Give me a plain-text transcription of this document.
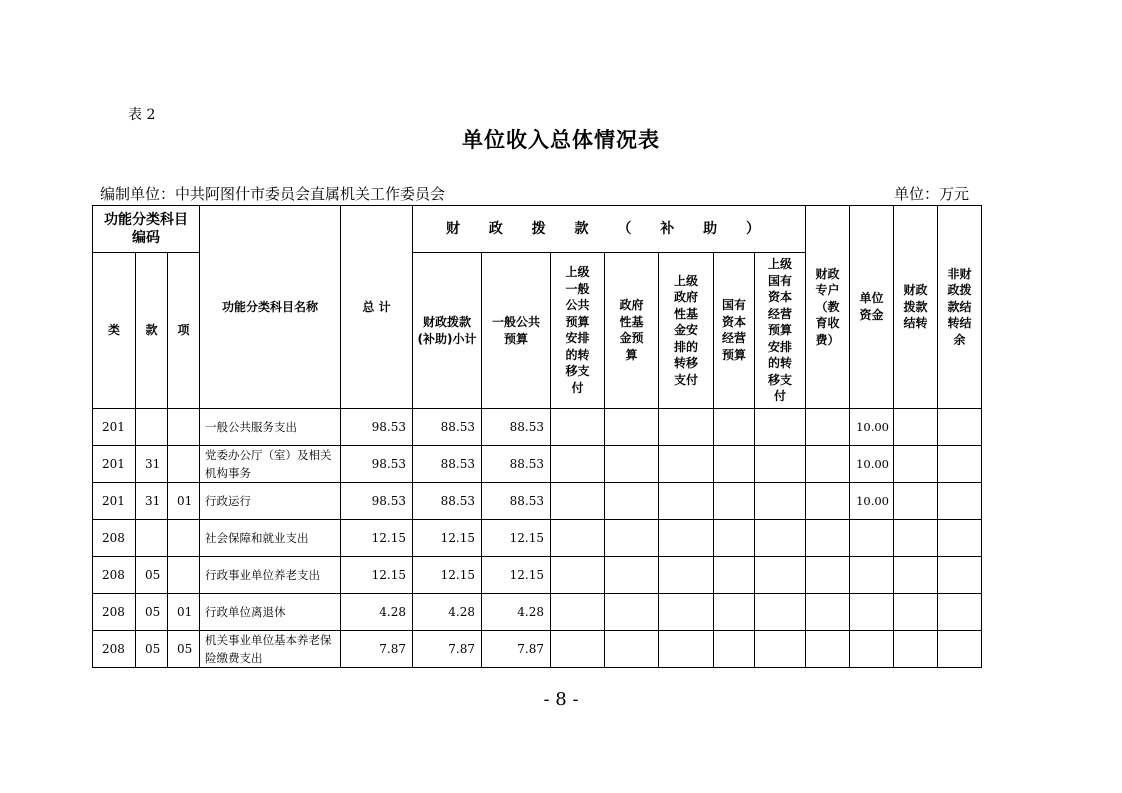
表 2
单位收入总体情况表
编制单位：中共阿图什市委员会直属机关工作委员会	单位：万元
功能分类科目编码			功能分类科目名称	总 计	财 政 拨 款 （ 补 助 ）							财政专户（教育收费）	单位资金	财政拨款结转	非财政拨款结转结余
类	款	项			财政拨款(补助)小计	一般公共预算	上级一般公共预算安排的转移支付	政府性基金预算	上级政府性基金安排的转移支付	国有资本经营预算	上级国有资本经营预算安排的转移支付				
201			一般公共服务支出	98.53	88.53	88.53							10.00		
201	31		党委办公厅（室）及相关机构事务	98.53	88.53	88.53							10.00		
201	31	01	行政运行	98.53	88.53	88.53							10.00		
208			社会保障和就业支出	12.15	12.15	12.15									
208	05		行政事业单位养老支出	12.15	12.15	12.15									
208	05	01	行政单位离退休	4.28	4.28	4.28									
208	05	05	机关事业单位基本养老保险缴费支出	7.87	7.87	7.87									
- 8 -
